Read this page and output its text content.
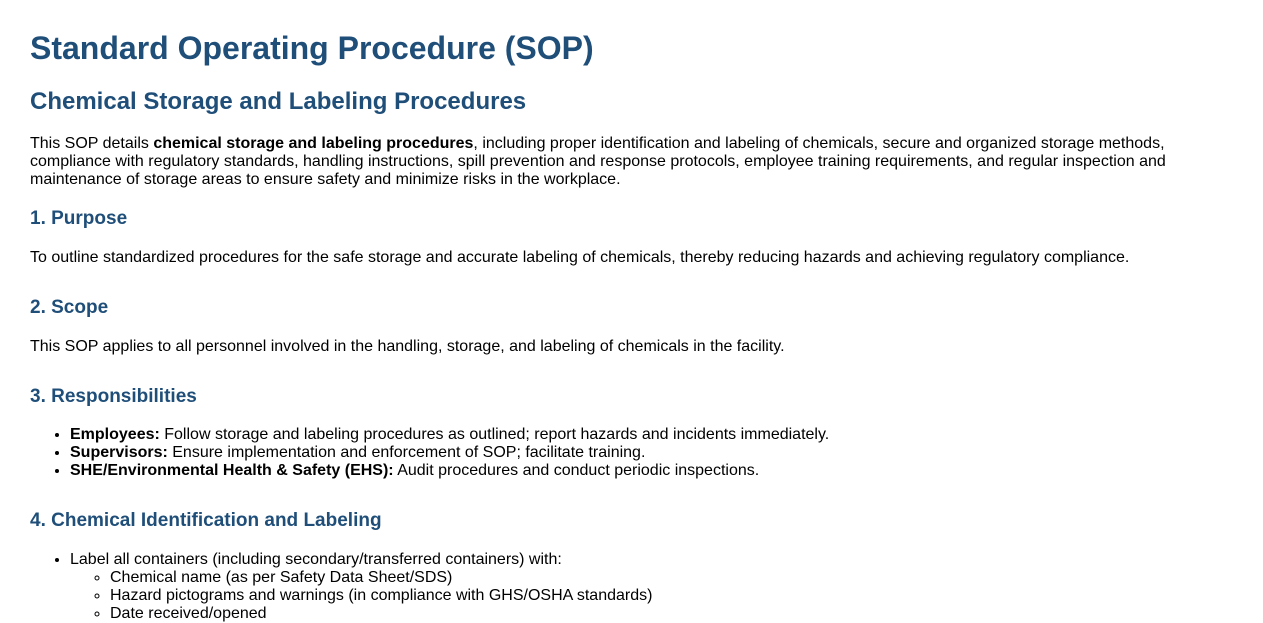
Standard Operating Procedure (SOP)
Chemical Storage and Labeling Procedures

This SOP details chemical storage and labeling procedures, including proper identification and labeling of chemicals, secure and organized storage methods, compliance with regulatory standards, handling instructions, spill prevention and response protocols, employee training requirements, and regular inspection and maintenance of storage areas to ensure safety and minimize risks in the workplace.

1. Purpose

To outline standardized procedures for the safe storage and accurate labeling of chemicals, thereby reducing hazards and achieving regulatory compliance.

2. Scope

This SOP applies to all personnel involved in the handling, storage, and labeling of chemicals in the facility.

3. Responsibilities
• Employees: Follow storage and labeling procedures as outlined; report hazards and incidents immediately.
• Supervisors: Ensure implementation and enforcement of SOP; facilitate training.
• SHE/Environmental Health & Safety (EHS): Audit procedures and conduct periodic inspections.
4. Chemical Identification and Labeling
• Label all containers (including secondary/transferred containers) with:
◦ Chemical name (as per Safety Data Sheet/SDS)
◦ Hazard pictograms and warnings (in compliance with GHS/OSHA standards)
◦ Date received/opened
